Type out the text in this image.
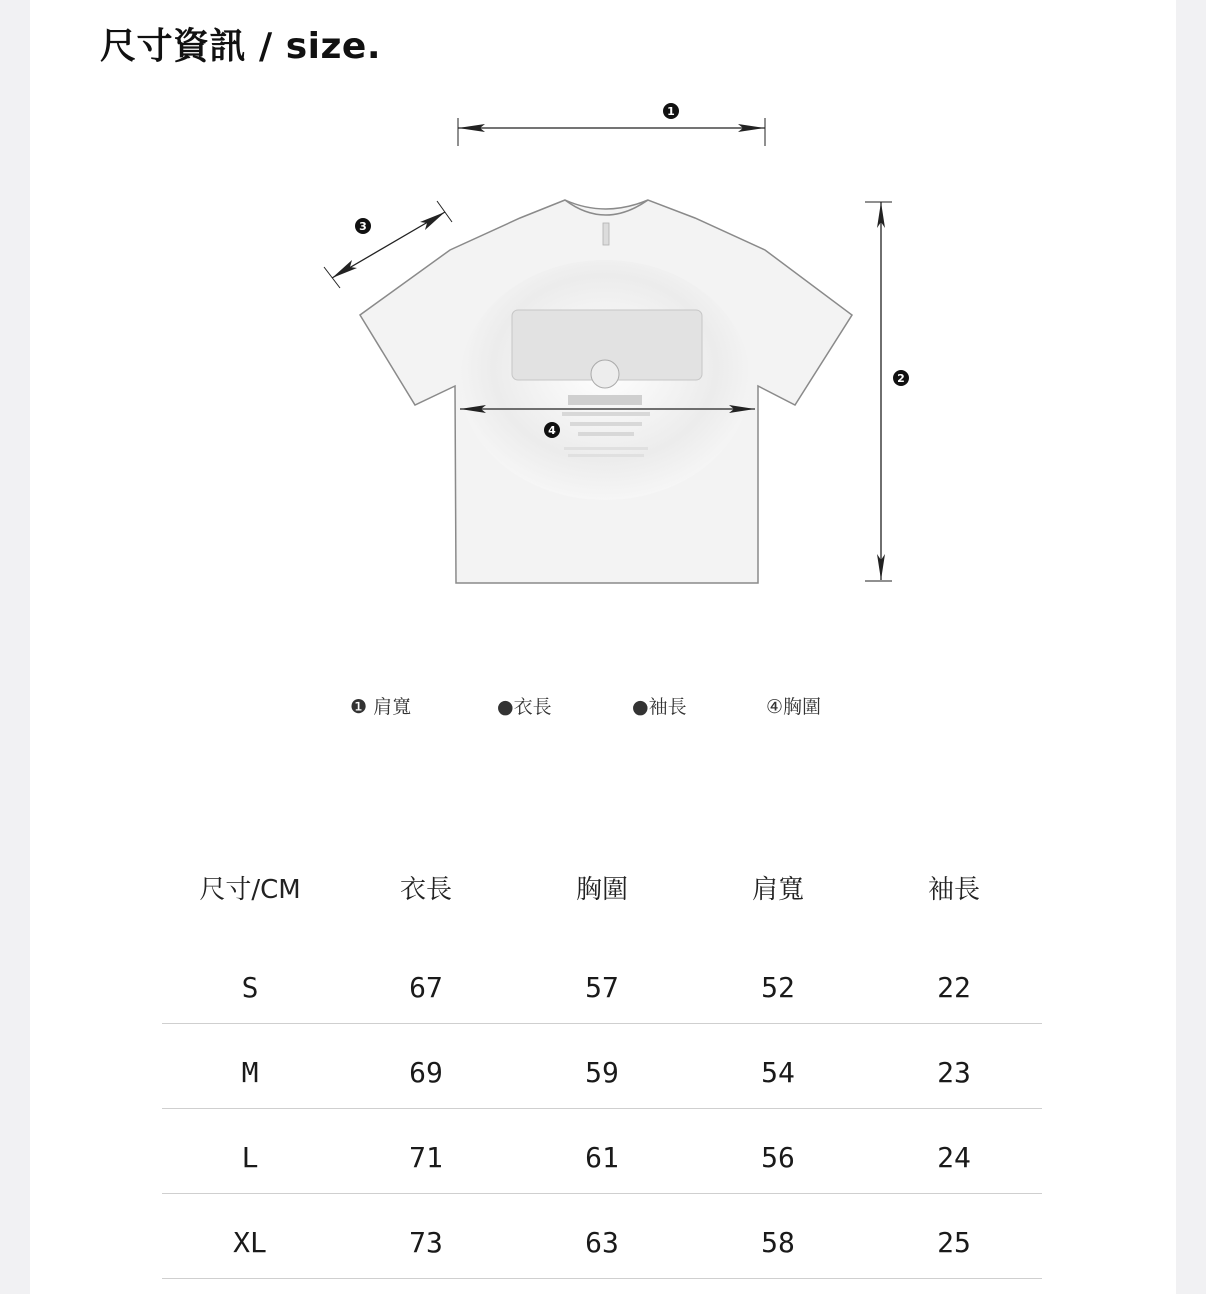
尺寸資訊 / size.
1
2
3
4
❶ 肩寬	●衣長	●袖長	④胸圍
尺寸/CM	衣長	胸圍	肩寬	袖長
S	67	57	52	22
M	69	59	54	23
L	71	61	56	24
XL	73	63	58	25
